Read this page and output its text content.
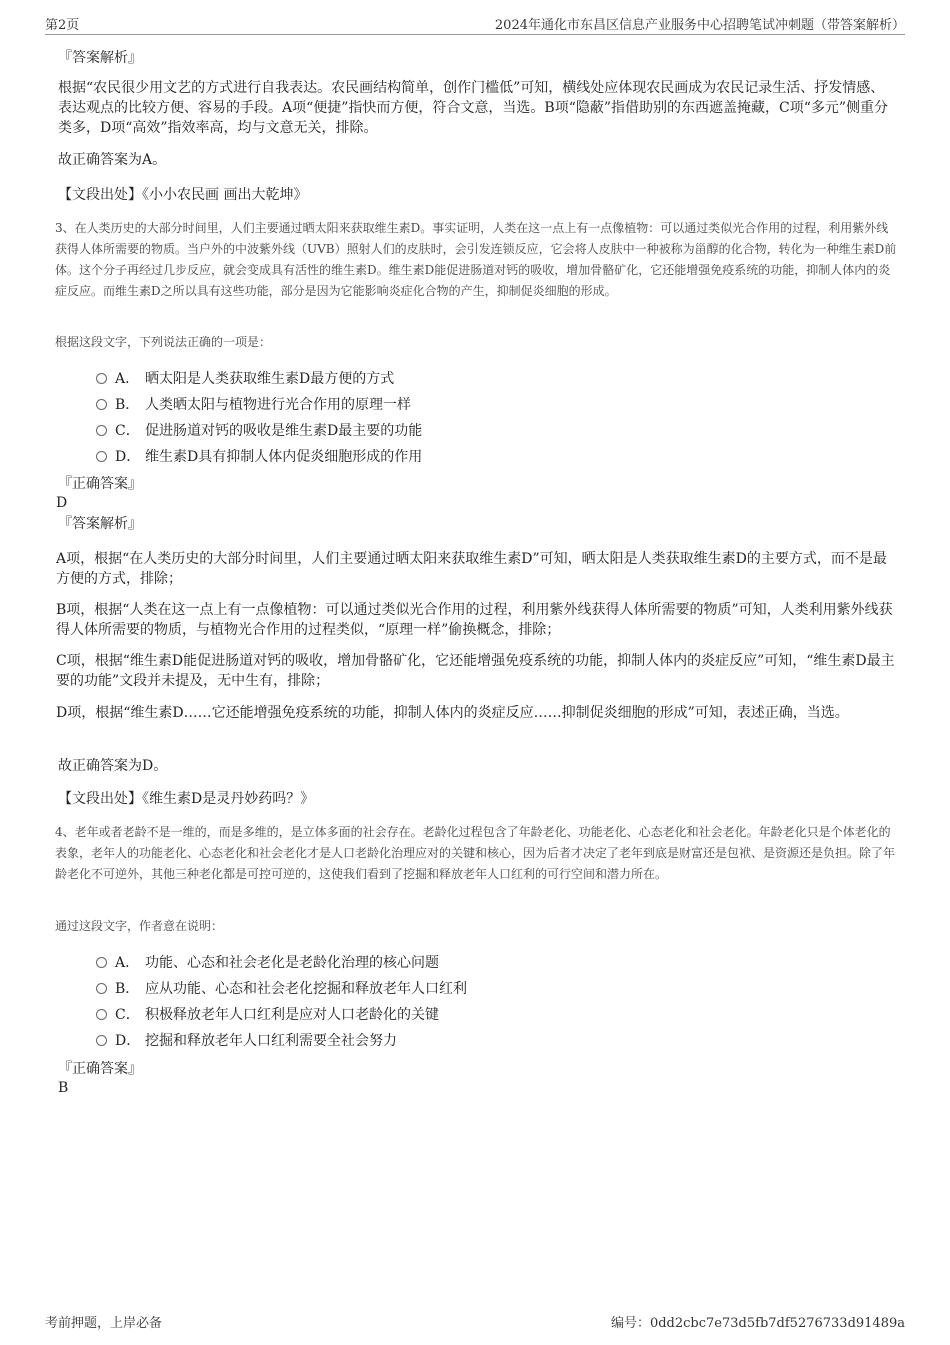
第2页	2024年通化市东昌区信息产业服务中心招聘笔试冲刺题（带答案解析）
『答案解析』
根据“农民很少用文艺的方式进行自我表达。农民画结构简单，创作门槛低”可知，横线处应体现农民画成为农民记录生活、抒发情感、表达观点的比较方便、容易的手段。A项“便捷”指快而方便，符合文意，当选。B项“隐蔽”指借助别的东西遮盖掩藏，C项“多元”侧重分类多，D项“高效”指效率高，均与文意无关，排除。
故正确答案为A。
【文段出处】《小小农民画 画出大乾坤》
3、在人类历史的大部分时间里，人们主要通过晒太阳来获取维生素D。事实证明，人类在这一点上有一点像植物：可以通过类似光合作用的过程，利用紫外线获得人体所需要的物质。当户外的中波紫外线（UVB）照射人们的皮肤时，会引发连锁反应，它会将人皮肤中一种被称为甾醇的化合物，转化为一种维生素D前体。这个分子再经过几步反应，就会变成具有活性的维生素D。维生素D能促进肠道对钙的吸收，增加骨骼矿化，它还能增强免疫系统的功能，抑制人体内的炎症反应。而维生素D之所以具有这些功能，部分是因为它能影响炎症化合物的产生，抑制促炎细胞的形成。
根据这段文字，下列说法正确的一项是：
A． 晒太阳是人类获取维生素D最方便的方式
B． 人类晒太阳与植物进行光合作用的原理一样
C． 促进肠道对钙的吸收是维生素D最主要的功能
D． 维生素D具有抑制人体内促炎细胞形成的作用
『正确答案』
D
『答案解析』
A项，根据“在人类历史的大部分时间里，人们主要通过晒太阳来获取维生素D”可知，晒太阳是人类获取维生素D的主要方式，而不是最方便的方式，排除；
B项，根据“人类在这一点上有一点像植物：可以通过类似光合作用的过程，利用紫外线获得人体所需要的物质”可知，人类利用紫外线获得人体所需要的物质，与植物光合作用的过程类似，“原理一样”偷换概念，排除；
C项，根据“维生素D能促进肠道对钙的吸收，增加骨骼矿化，它还能增强免疫系统的功能，抑制人体内的炎症反应”可知，“维生素D最主要的功能”文段并未提及，无中生有，排除；
D项，根据“维生素D……它还能增强免疫系统的功能，抑制人体内的炎症反应……抑制促炎细胞的形成”可知，表述正确，当选。
故正确答案为D。
【文段出处】《维生素D是灵丹妙药吗？》
4、老年或者老龄不是一维的，而是多维的，是立体多面的社会存在。老龄化过程包含了年龄老化、功能老化、心态老化和社会老化。年龄老化只是个体老化的表象，老年人的功能老化、心态老化和社会老化才是人口老龄化治理应对的关键和核心，因为后者才决定了老年到底是财富还是包袱、是资源还是负担。除了年龄老化不可逆外，其他三种老化都是可控可逆的，这使我们看到了挖掘和释放老年人口红利的可行空间和潜力所在。
通过这段文字，作者意在说明：
A． 功能、心态和社会老化是老龄化治理的核心问题
B． 应从功能、心态和社会老化挖掘和释放老年人口红利
C． 积极释放老年人口红利是应对人口老龄化的关键
D． 挖掘和释放老年人口红利需要全社会努力
『正确答案』
B
考前押题，上岸必备	编号：0dd2cbc7e73d5fb7df5276733d91489a
